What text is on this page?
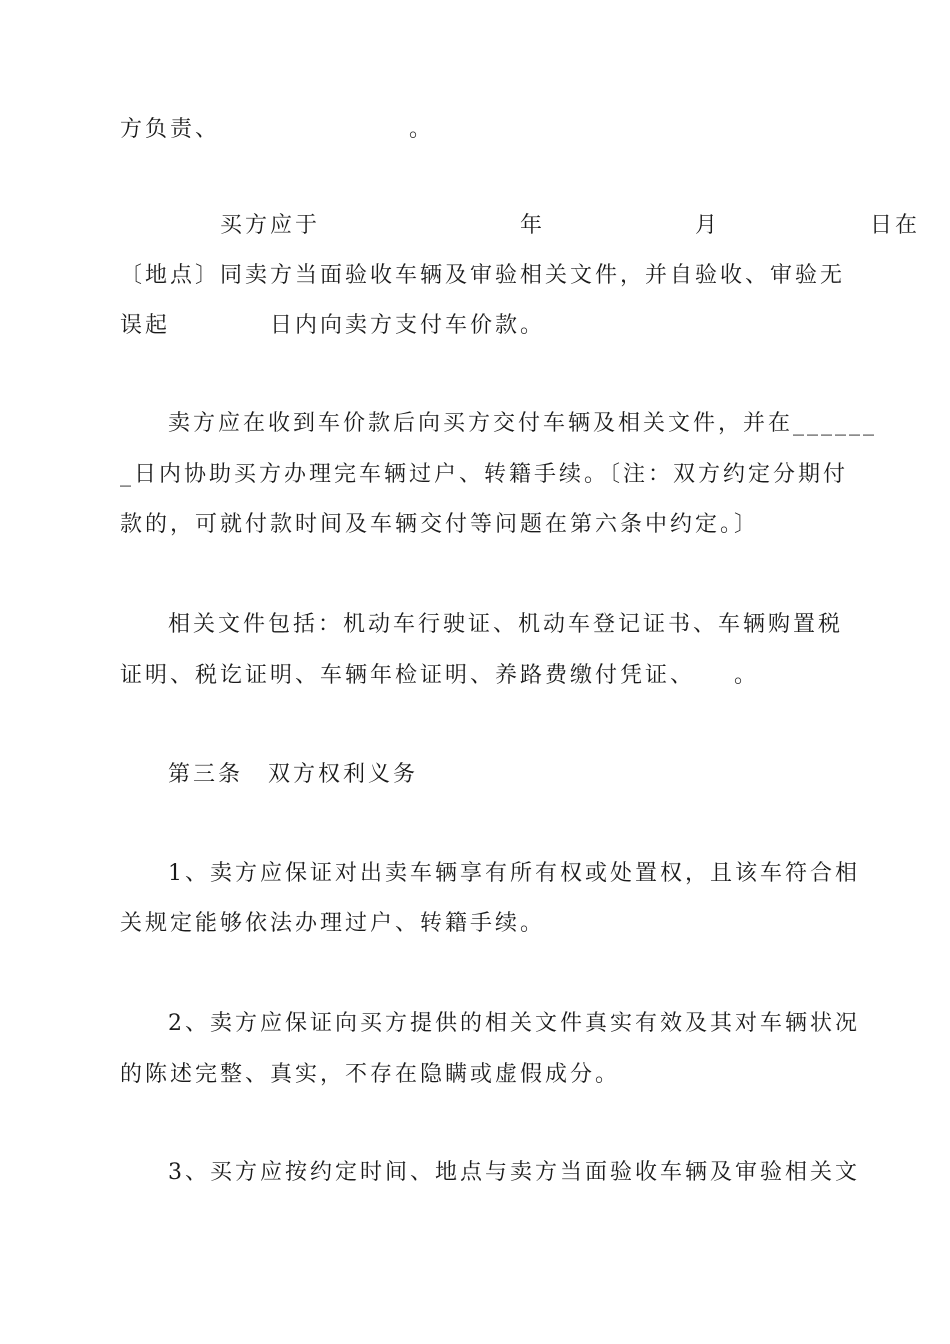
方负责、　　　　　　　　。
买方应于　　　　　　　　年　　　　　　月　　　　　　日在
〔地点〕同卖方当面验收车辆及审验相关文件，并自验收、审验无
误起　　　　日内向卖方支付车价款。
卖方应在收到车价款后向买方交付车辆及相关文件，并在______
_日内协助买方办理完车辆过户、转籍手续。〔注：双方约定分期付
款的，可就付款时间及车辆交付等问题在第六条中约定。〕
相关文件包括：机动车行驶证、机动车登记证书、车辆购置税
证明、税讫证明、车辆年检证明、养路费缴付凭证、　　。
第三条　双方权利义务
1、卖方应保证对出卖车辆享有所有权或处置权，且该车符合相
关规定能够依法办理过户、转籍手续。
2、卖方应保证向买方提供的相关文件真实有效及其对车辆状况
的陈述完整、真实，不存在隐瞒或虚假成分。
3、买方应按约定时间、地点与卖方当面验收车辆及审验相关文
